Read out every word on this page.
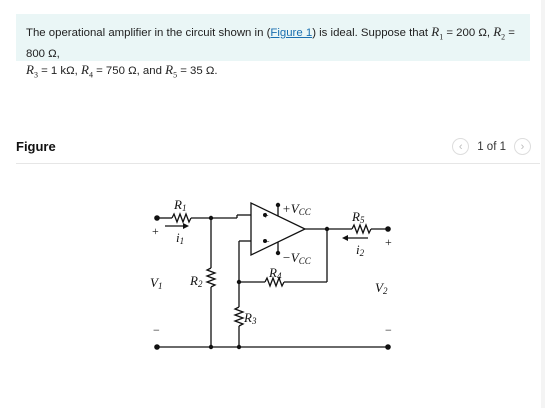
The operational amplifier in the circuit shown in (Figure 1) is ideal. Suppose that $R_1 = 200$ Ω, $R_2 = 800$ Ω,
$R_3 = 1$ kΩ, $R_4 = 750$ Ω, and $R_5 = 35$ Ω.
Figure	‹	1 of 1	›
+
−
+VCC
−VCC
R1
R2
R3
R4
R5
i1
i2
+
−
+
−
V1	V2
